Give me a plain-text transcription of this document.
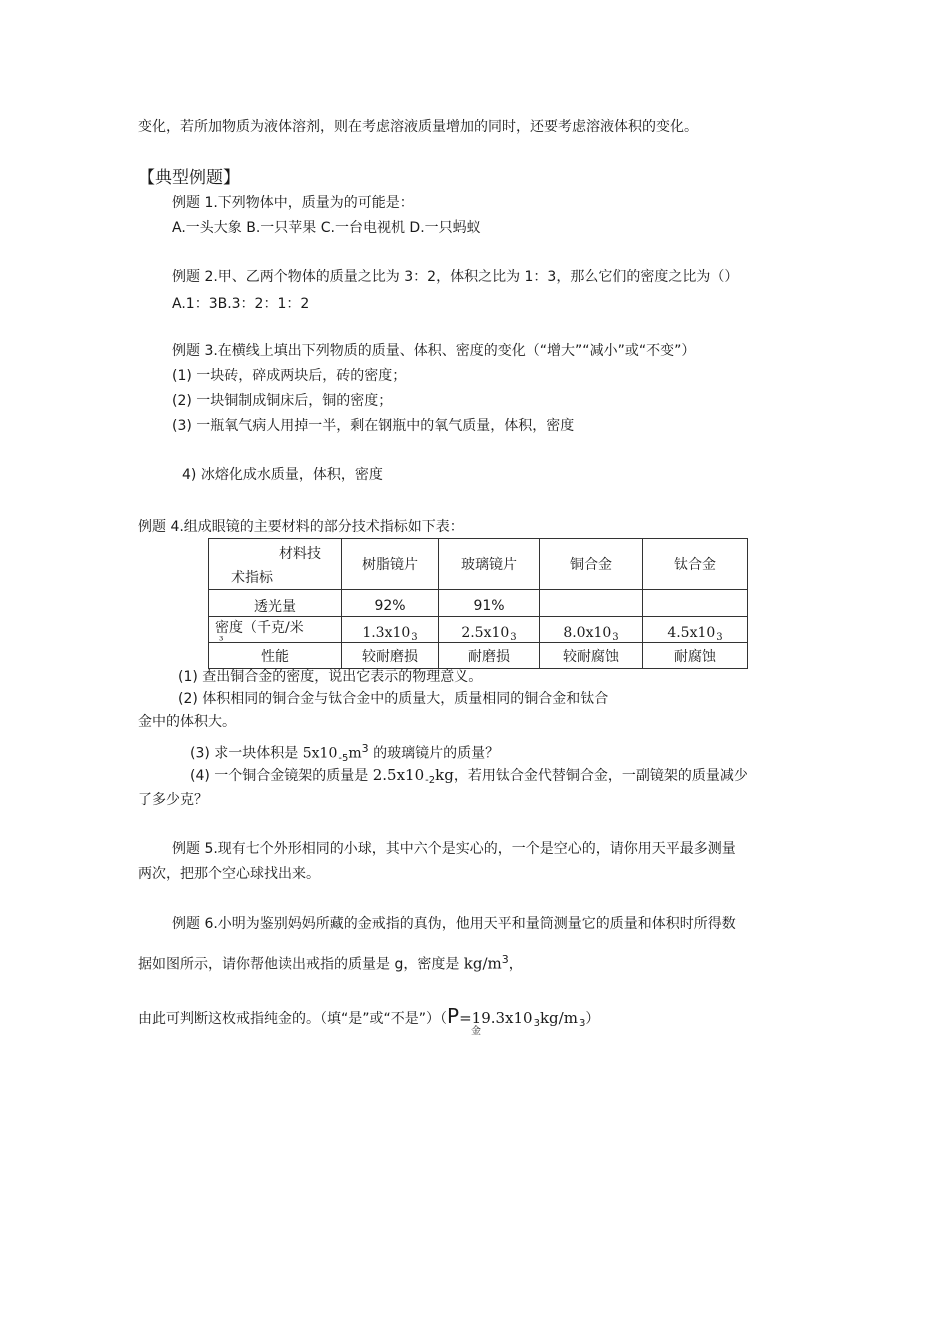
变化，若所加物质为液体溶剂，则在考虑溶液质量增加的同时，还要考虑溶液体积的变化。
【典型例题】
例题 1.下列物体中，质量为的可能是：
A.一头大象 B.一只苹果 C.一台电视机 D.一只蚂蚁
例题 2.甲、乙两个物体的质量之比为 3：2，体积之比为 1：3，那么它们的密度之比为（）
A.1：3B.3：2：1：2
例题 3.在横线上填出下列物质的质量、体积、密度的变化（“增大”“减小”或“不变”）
(1) 一块砖，碎成两块后，砖的密度；
(2) 一块铜制成铜床后，铜的密度；
(3) 一瓶氧气病人用掉一半，剩在钢瓶中的氧气质量，体积，密度
4) 冰熔化成水质量，体积，密度
例题 4.组成眼镜的主要材料的部分技术指标如下表：
材料技
术指标	树脂镜片	玻璃镜片	铜合金	钛合金
透光量	92%	91%		

密度（千克/米
³	$1.3x10_3$	$2.5x10_3$	$8.0x10_3$	$4.5x10_3$
性能	较耐磨损	耐磨损	较耐腐蚀	耐腐蚀
(1) 查出铜合金的密度，说出它表示的物理意义。
(2) 体积相同的铜合金与钛合金中的质量大，质量相同的铜合金和钛合
金中的体积大。
(3) 求一块体积是 $5x10_{-5}m^3$ 的玻璃镜片的质量？
(4) 一个铜合金镜架的质量是 $2.5x10_{-2}kg$，若用钛合金代替铜合金，一副镜架的质量减少
了多少克？
例题 5.现有七个外形相同的小球，其中六个是实心的，一个是空心的，请你用天平最多测量
两次，把那个空心球找出来。
例题 6.小明为鉴别妈妈所藏的金戒指的真伪，他用天平和量筒测量它的质量和体积时所得数
据如图所示，请你帮他读出戒指的质量是 g，密度是 $kg/m^3$，
由此可判断这枚戒指纯金的。（填“是”或“不是$”)(P=19.3x10_3kg/m_3)$
金
